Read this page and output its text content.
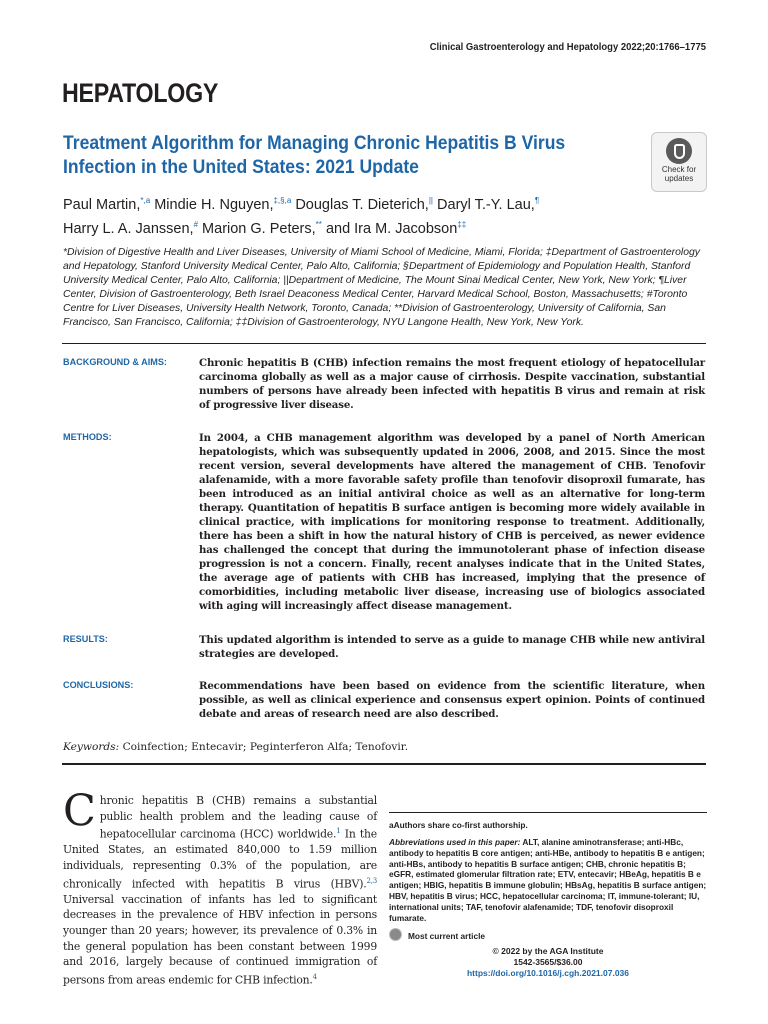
Clinical Gastroenterology and Hepatology 2022;20:1766–1775
HEPATOLOGY
Treatment Algorithm for Managing Chronic Hepatitis B Virus Infection in the United States: 2021 Update	Check for
updates
Paul Martin,$^{*,a}$ Mindie H. Nguyen,$^{\ddagger,\S,a}$ Douglas T. Dieterich,|| Daryl T.-Y. Lau,¶
Harry L. A. Janssen,# Marion G. Peters,** and Ira M. Jacobson‡‡
*Division of Digestive Health and Liver Diseases, University of Miami School of Medicine, Miami, Florida; ‡Department of Gastroenterology and Hepatology, Stanford University Medical Center, Palo Alto, California; §Department of Epidemiology and Population Health, Stanford University Medical Center, Palo Alto, California; ||Department of Medicine, The Mount Sinai Medical Center, New York, New York; ¶Liver Center, Division of Gastroenterology, Beth Israel Deaconess Medical Center, Harvard Medical School, Boston, Massachusetts; #Toronto Centre for Liver Diseases, University Health Network, Toronto, Canada; **Division of Gastroenterology, University of California, San Francisco, San Francisco, California; ‡‡Division of Gastroenterology, NYU Langone Health, New York, New York.
BACKGROUND & AIMS:	Chronic hepatitis B (CHB) infection remains the most frequent etiology of hepatocellular carcinoma globally as well as a major cause of cirrhosis. Despite vaccination, substantial numbers of persons have already been infected with hepatitis B virus and remain at risk of progressive liver disease.
METHODS:	In 2004, a CHB management algorithm was developed by a panel of North American hepatologists, which was subsequently updated in 2006, 2008, and 2015. Since the most recent version, several developments have altered the management of CHB. Tenofovir alafenamide, with a more favorable safety profile than tenofovir disoproxil fumarate, has been introduced as an initial antiviral choice as well as an alternative for long-term therapy. Quantitation of hepatitis B surface antigen is becoming more widely available in clinical practice, with implications for monitoring response to treatment. Additionally, there has been a shift in how the natural history of CHB is perceived, as newer evidence has challenged the concept that during the immunotolerant phase of infection disease progression is not a concern. Finally, recent analyses indicate that in the United States, the average age of patients with CHB has increased, implying that the presence of comorbidities, including metabolic liver disease, increasing use of biologics associated with aging will increasingly affect disease management.
RESULTS:	This updated algorithm is intended to serve as a guide to manage CHB while new antiviral strategies are developed.
CONCLUSIONS:	Recommendations have been based on evidence from the scientific literature, when possible, as well as clinical experience and consensus expert opinion. Points of continued debate and areas of research need are also described.
Keywords: Coinfection; Entecavir; Peginterferon Alfa; Tenofovir.
Chronic hepatitis B (CHB) remains a substantial public health problem and the leading cause of hepatocellular carcinoma (HCC) worldwide.$^1$ In the United States, an estimated 840,000 to 1.59 million individuals, representing 0.3% of the population, are chronically infected with hepatitis B virus (HBV).$^{2,3}$ Universal vaccination of infants has led to significant decreases in the prevalence of HBV infection in persons younger than 20 years; however, its prevalence of 0.3% in the general population has been constant between 1999 and 2016, largely because of continued immigration of persons from areas endemic for CHB infection.$^4$
aAuthors share co-first authorship.
Abbreviations used in this paper: ALT, alanine aminotransferase; anti-HBc, antibody to hepatitis B core antigen; anti-HBe, antibody to hepatitis B e antigen; anti-HBs, antibody to hepatitis B surface antigen; CHB, chronic hepatitis B; eGFR, estimated glomerular filtration rate; ETV, entecavir; HBeAg, hepatitis B e antigen; HBIG, hepatitis B immune globulin; HBsAg, hepatitis B surface antigen; HBV, hepatitis B virus; HCC, hepatocellular carcinoma; IT, immune-tolerant; IU, international units; TAF, tenofovir alafenamide; TDF, tenofovir disoproxil fumarate.
Most current article
© 2022 by the AGA Institute
1542-3565/$36.00
https://doi.org/10.1016/j.cgh.2021.07.036
